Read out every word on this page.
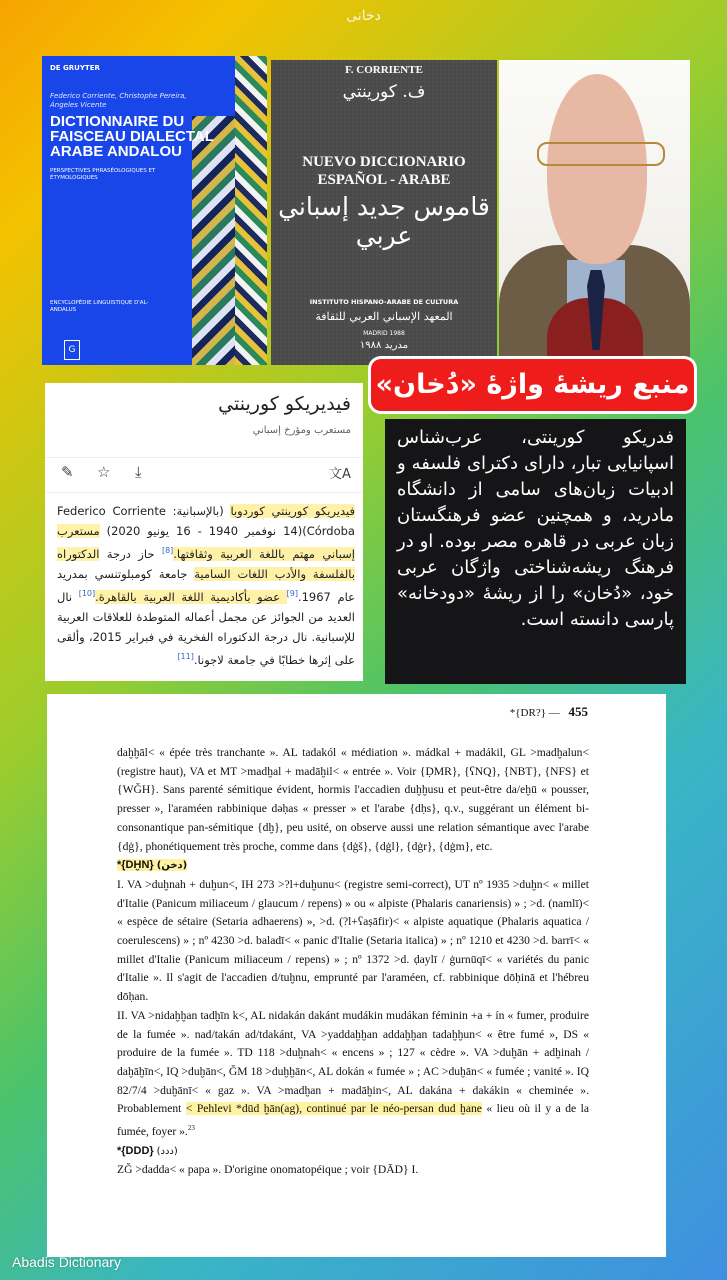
دخانی
DE GRUYTER
Federico Corriente, Christophe Pereira, Ángeles Vicente
DICTIONNAIRE DU FAISCEAU DIALECTAL ARABE ANDALOU
PERSPECTIVES PHRASÉOLOGIQUES ET ÉTYMOLOGIQUES
ENCYCLOPÉDIE LINGUISTIQUE D'AL-ANDALUS
G
F. CORRIENTE
ف. كورينتي
NUEVO DICCIONARIO ESPAÑOL - ARABE
قاموس جديد إسباني عربي
INSTITUTO HISPANO-ARABE DE CULTURA
المعهد الإسباني العربي للثقافة
MADRID 1988
مدريد ١٩٨٨
فيديريكو كورينتي
مستعرب ومؤرخ إسباني
✎ ☆ ⤓	文A
فيديريكو كورينتي كوردوبا (بالإسبانية: Federico Corriente Córdoba)(14 نوفمبر 1940 - 16 يونيو 2020) مستعرب إسباني مهتم باللغة العربية وثقافتها.[8] حاز درجة الدكتوراه بالفلسفة والأدب اللغات السامية جامعة كومبلوتنسي بمدريد عام 1967.[9] عضو بأكاديمية اللغة العربية بالقاهرة.[10] نال العديد من الجوائز عن مجمل أعماله المتوطدة للعلاقات العربية للإسبانية. نال درجة الدكتوراه الفخرية في فبراير 2015، وألقى على إثرها خطابًا في جامعة لاجونا.[11]
منبع ریشهٔ واژهٔ «دُخان»
فدریکو کورینتی، عرب‌شناس اسپانیایی تبار، دارای دکترای فلسفه و ادبیات زبان‌های سامی از دانشگاه مادرید، و همچنین عضو فرهنگستان زبان عربی در قاهره مصر بوده. او در فرهنگ ریشه‌شناختی واژگان عربی خود، «دُخان» را از ریشهٔ «دودخانه» پارسی دانسته است.
*{DR?} — 455

daḫḫāl< « épée très tranchante ». AL tadakól « médiation ». mádkal + madákil, GL >madḫalun< (registre haut), VA et MT >madḫal + madāḫil< « entrée ». Voir {ḌMR}, {ʕNQ}, {NBT}, {NFS} et {WĞH}. Sans parenté sémitique évident, hormis l'accadien duḫḫusu et peut-être da/eḫū « pousser, presser », l'araméen rabbinique dəḥas « presser » et l'arabe {dḥs}, q.v., suggérant un élément bi-consonantique pan-sémitique {dḫ}, peu usité, on observe aussi une relation sémantique avec l'arabe {dġ}, phonétiquement très proche, comme dans {dġš}, {dġl}, {dġr}, {dġm}, etc.

*{DḪN} (دخن)

I. VA >duḫnah + duḫun<, IH 273 >?l+duḫunu< (registre semi-correct), UT nº 1935 >duḫn< « millet d'Italie (Panicum miliaceum / glaucum / repens) » ou « alpiste (Phalaris canariensis) » ; >d. (namlī)< « espèce de sétaire (Setaria adhaerens) », >d. (?l+ʕaṣāfir)< « alpiste aquatique (Phalaris aquatica / coerulescens) » ; nº 4230 >d. baladī< « panic d'Italie (Setaria italica) » ; nº 1210 et 4230 >d. barrī< « millet d'Italie (Panicum miliaceum / repens) » ; nº 1372 >d. ḍaylī / ġurnūqī< « variétés du panic d'Italie ». Il s'agit de l'accadien d/tuḫnu, emprunté par l'araméen, cf. rabbinique dōḥinā et l'hébreu dōḥan.

II. VA >nidaḫḫan tadḫīn k<, AL nidakán dakánt mudákin mudákan féminin +a + ín « fumer, produire de la fumée ». nad/takán ad/tdakánt, VA >yaddaḫḫan addaḫḫan tadaḫḫun< « être fumé », DS « produire de la fumée ». TD 118 >duḫnah< « encens » ; 127 « cèdre ». VA >duḫān + adḫinah / daḫāḫīn<, IQ >duḫān<, ĞM 18 >duḫḫān<, AL dokán « fumée » ; AC >duḫān< « fumée ; vanité ». IQ 82/7/4 >duḫānī< « gaz ». VA >madḫan + madāḫin<, AL dakána + dakákin « cheminée ». Probablement < Pehlevi *dūd ḫān(ag), continué par le néo-persan dud ḫane « lieu où il y a de la fumée, foyer ».$^{23}$

*{DDD} (ددد)

ZĞ >dadda< « papa ». D'origine onomatopéique ; voir {DĀD} I.

Abadis Dictionary
